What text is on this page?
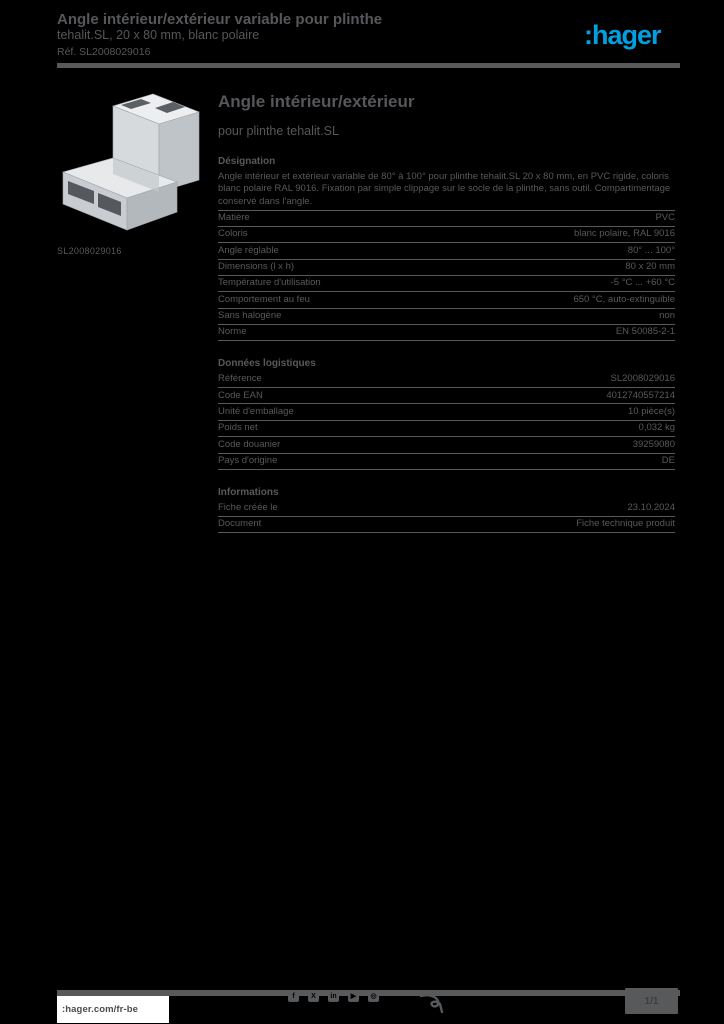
Angle intérieur/extérieur variable pour plinthe
tehalit.SL, 20 x 80 mm, blanc polaire
Réf. SL2008029016
:hager
SL2008029016
Angle intérieur/extérieur
pour plinthe tehalit.SL
Désignation
Angle intérieur et extérieur variable de 80° à 100° pour plinthe tehalit.SL 20 x 80 mm, en PVC rigide, coloris blanc polaire RAL 9016. Fixation par simple clippage sur le socle de la plinthe, sans outil. Compartimentage conservé dans l'angle.
Matière	PVC
Coloris	blanc polaire, RAL 9016
Angle réglable	80° ... 100°
Dimensions (l x h)	80 x 20 mm
Température d'utilisation	-5 °C ... +60 °C
Comportement au feu	650 °C, auto-extinguible
Sans halogène	non
Norme	EN 50085-2-1
Données logistiques
Référence	SL2008029016
Code EAN	4012740557214
Unité d'emballage	10 pièce(s)
Poids net	0,032 kg
Code douanier	39259080
Pays d'origine	DE
Informations
Fiche créée le	23.10.2024
Document	Fiche technique produit
:hager.com/fr-be
f X in ▶ ◎	1/1
